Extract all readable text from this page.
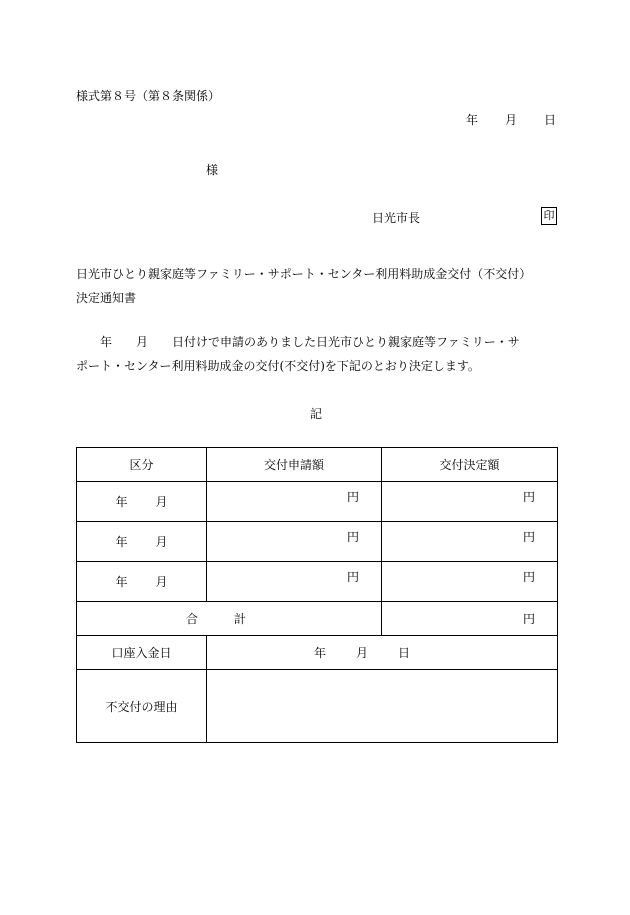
様式第８号（第８条関係）
年 月 日
様
日光市長	印
日光市ひとり親家庭等ファミリー・サポート・センター利用料助成金交付（不交付）
決定通知書
　　年　　月　　日付けで申請のありました日光市ひとり親家庭等ファミリー・サ
ポート・センター利用料助成金の交付(不交付)を下記のとおり決定します。
記
区分	交付申請額	交付決定額

年 月	円	円

年 月	円	円

年 月	円	円

合 計		円
口座入金日	年 月 日	

不交付の理由		
